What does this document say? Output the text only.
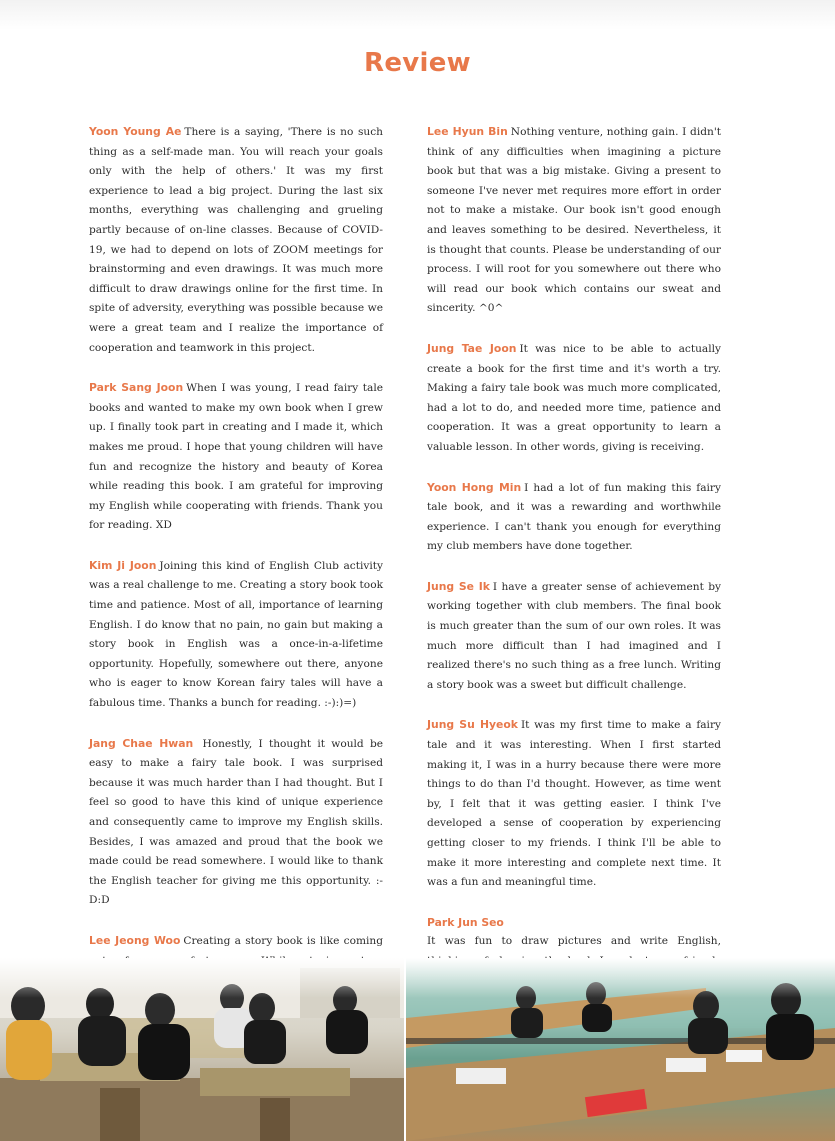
Review

Yoon Young Ae There is a saying, 'There is no such thing as a self-made man. You will reach your goals only with the help of others.' It was my first experience to lead a big project. During the last six months, everything was challenging and grueling partly because of on-line classes. Because of COVID-19, we had to depend on lots of ZOOM meetings for brainstorming and even drawings. It was much more difficult to draw drawings online for the first time. In spite of adversity, everything was possible because we were a great team and I realize the importance of cooperation and teamwork in this project.

Park Sang Joon When I was young, I read fairy tale books and wanted to make my own book when I grew up. I finally took part in creating and I made it, which makes me proud. I hope that young children will have fun and recognize the history and beauty of Korea while reading this book. I am grateful for improving my English while cooperating with friends. Thank you for reading. XD

Kim Ji Joon Joining this kind of English Club activity was a real challenge to me. Creating a story book took time and patience. Most of all, importance of learning English. I do know that no pain, no gain but making a story book in English was a once-in-a-lifetime opportunity. Hopefully, somewhere out there, anyone who is eager to know Korean fairy tales will have a fabulous time. Thanks a bunch for reading. :-):)=)

Jang Chae Hwan Honestly, I thought it would be easy to make a fairy tale book. I was surprised because it was much harder than I had thought. But I feel so good to have this kind of unique experience and consequently came to improve my English skills. Besides, I was amazed and proud that the book we made could be read somewhere. I would like to thank the English teacher for giving me this opportunity. :-D:D

Lee Jeong Woo Creating a story book is like coming

Lee Hyun Bin Nothing venture, nothing gain. I didn't think of any difficulties when imagining a picture book but that was a big mistake. Giving a present to someone I've never met requires more effort in order not to make a mistake. Our book isn't good enough and leaves something to be desired. Nevertheless, it is thought that counts. Please be understanding of our process. I will root for you somewhere out there who will read our book which contains our sweat and sincerity. ^0^

Jung Tae Joon It was nice to be able to actually create a book for the first time and it's worth a try. Making a fairy tale book was much more complicated, had a lot to do, and needed more time, patience and cooperation. It was a great opportunity to learn a valuable lesson. In other words, giving is receiving.

Yoon Hong Min I had a lot of fun making this fairy tale book, and it was a rewarding and worthwhile experience. I can't thank you enough for everything my club members have done together.

Jung Se Ik I have a greater sense of achievement by working together with club members. The final book is much greater than the sum of our own roles. It was much more difficult than I had imagined and I realized there's no such thing as a free lunch. Writing a story book was a sweet but difficult challenge.

Jung Su Hyeok It was my first time to make a fairy tale and it was interesting. When I first started making it, I was in a hurry because there were more things to do than I'd thought. However, as time went by, I felt that it was getting easier. I think I've developed a sense of cooperation by experiencing getting closer to my friends. I think I'll be able to make it more interesting and complete next time. It was a fun and meaningful time.

Park Jun Seo
It was fun to draw pictures and write English,
